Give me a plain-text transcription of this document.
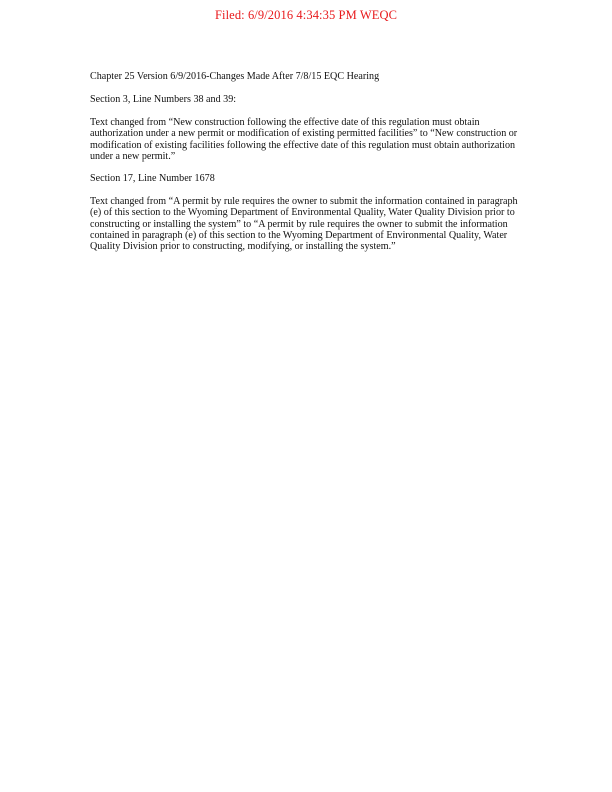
Filed: 6/9/2016 4:34:35 PM WEQC

Chapter 25 Version 6/9/2016-Changes Made After 7/8/15 EQC Hearing

Section 3, Line Numbers 38 and 39:

Text changed from “New construction following the effective date of this regulation must obtain authorization under a new permit or modification of existing permitted facilities” to “New construction or modification of existing facilities following the effective date of this regulation must obtain authorization under a new permit.”

Section 17, Line Number 1678

Text changed from “A permit by rule requires the owner to submit the information contained in paragraph (e) of this section to the Wyoming Department of Environmental Quality, Water Quality Division prior to constructing or installing the system” to “A permit by rule requires the owner to submit the information contained in paragraph (e) of this section to the Wyoming Department of Environmental Quality, Water Quality Division prior to constructing, modifying, or installing the system.”
